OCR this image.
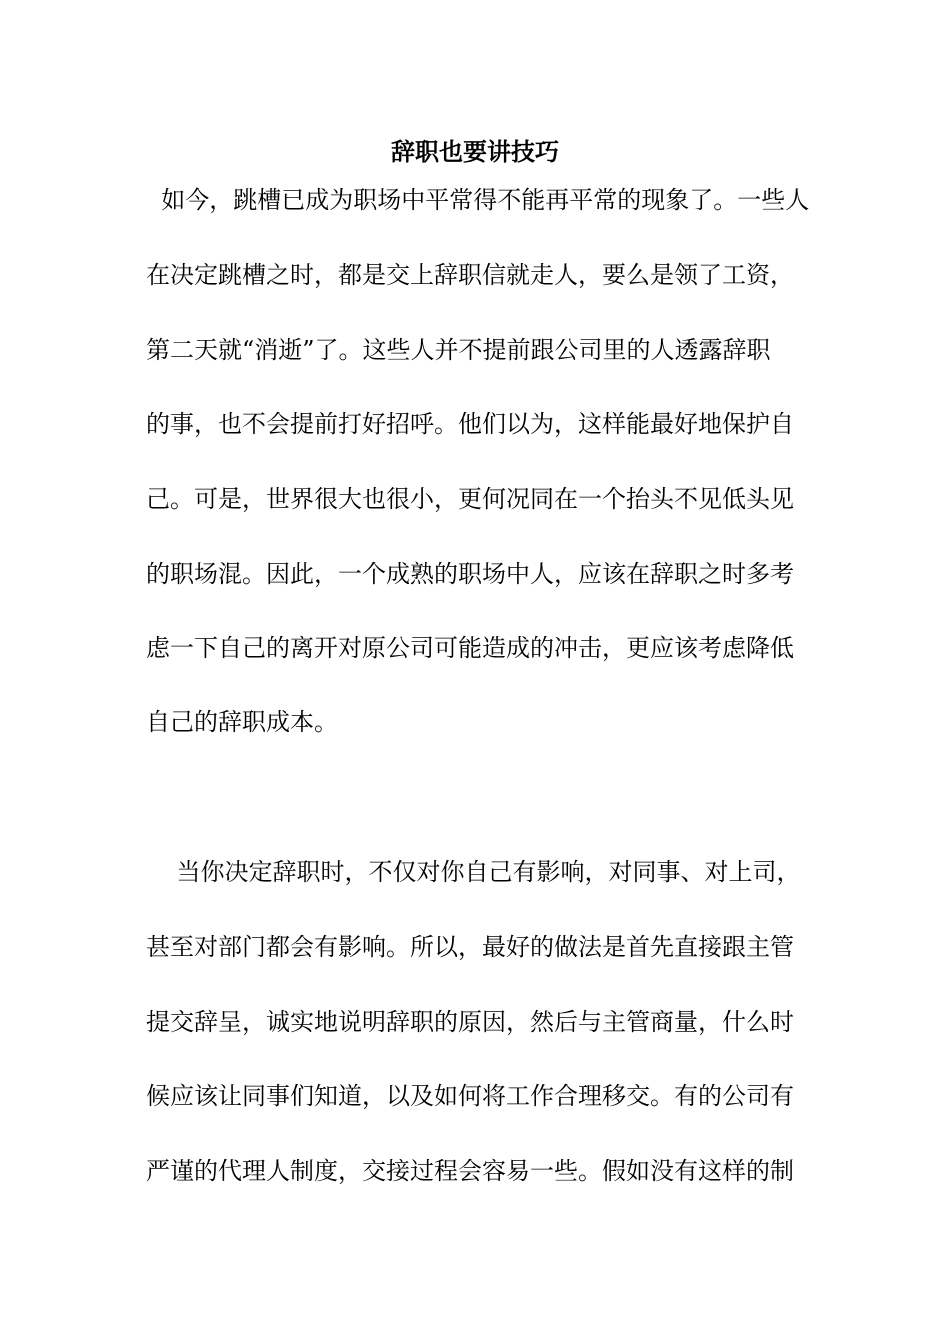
辞职也要讲技巧

如今，跳槽已成为职场中平常得不能再平常的现象了。一些人

在决定跳槽之时，都是交上辞职信就走人，要么是领了工资，

第二天就“消逝”了。这些人并不提前跟公司里的人透露辞职

的事，也不会提前打好招呼。他们以为，这样能最好地保护自

己。可是，世界很大也很小，更何况同在一个抬头不见低头见

的职场混。因此，一个成熟的职场中人，应该在辞职之时多考

虑一下自己的离开对原公司可能造成的冲击，更应该考虑降低

自己的辞职成本。

当你决定辞职时，不仅对你自己有影响，对同事、对上司，

甚至对部门都会有影响。所以，最好的做法是首先直接跟主管

提交辞呈，诚实地说明辞职的原因，然后与主管商量，什么时

候应该让同事们知道，以及如何将工作合理移交。有的公司有

严谨的代理人制度，交接过程会容易一些。假如没有这样的制
